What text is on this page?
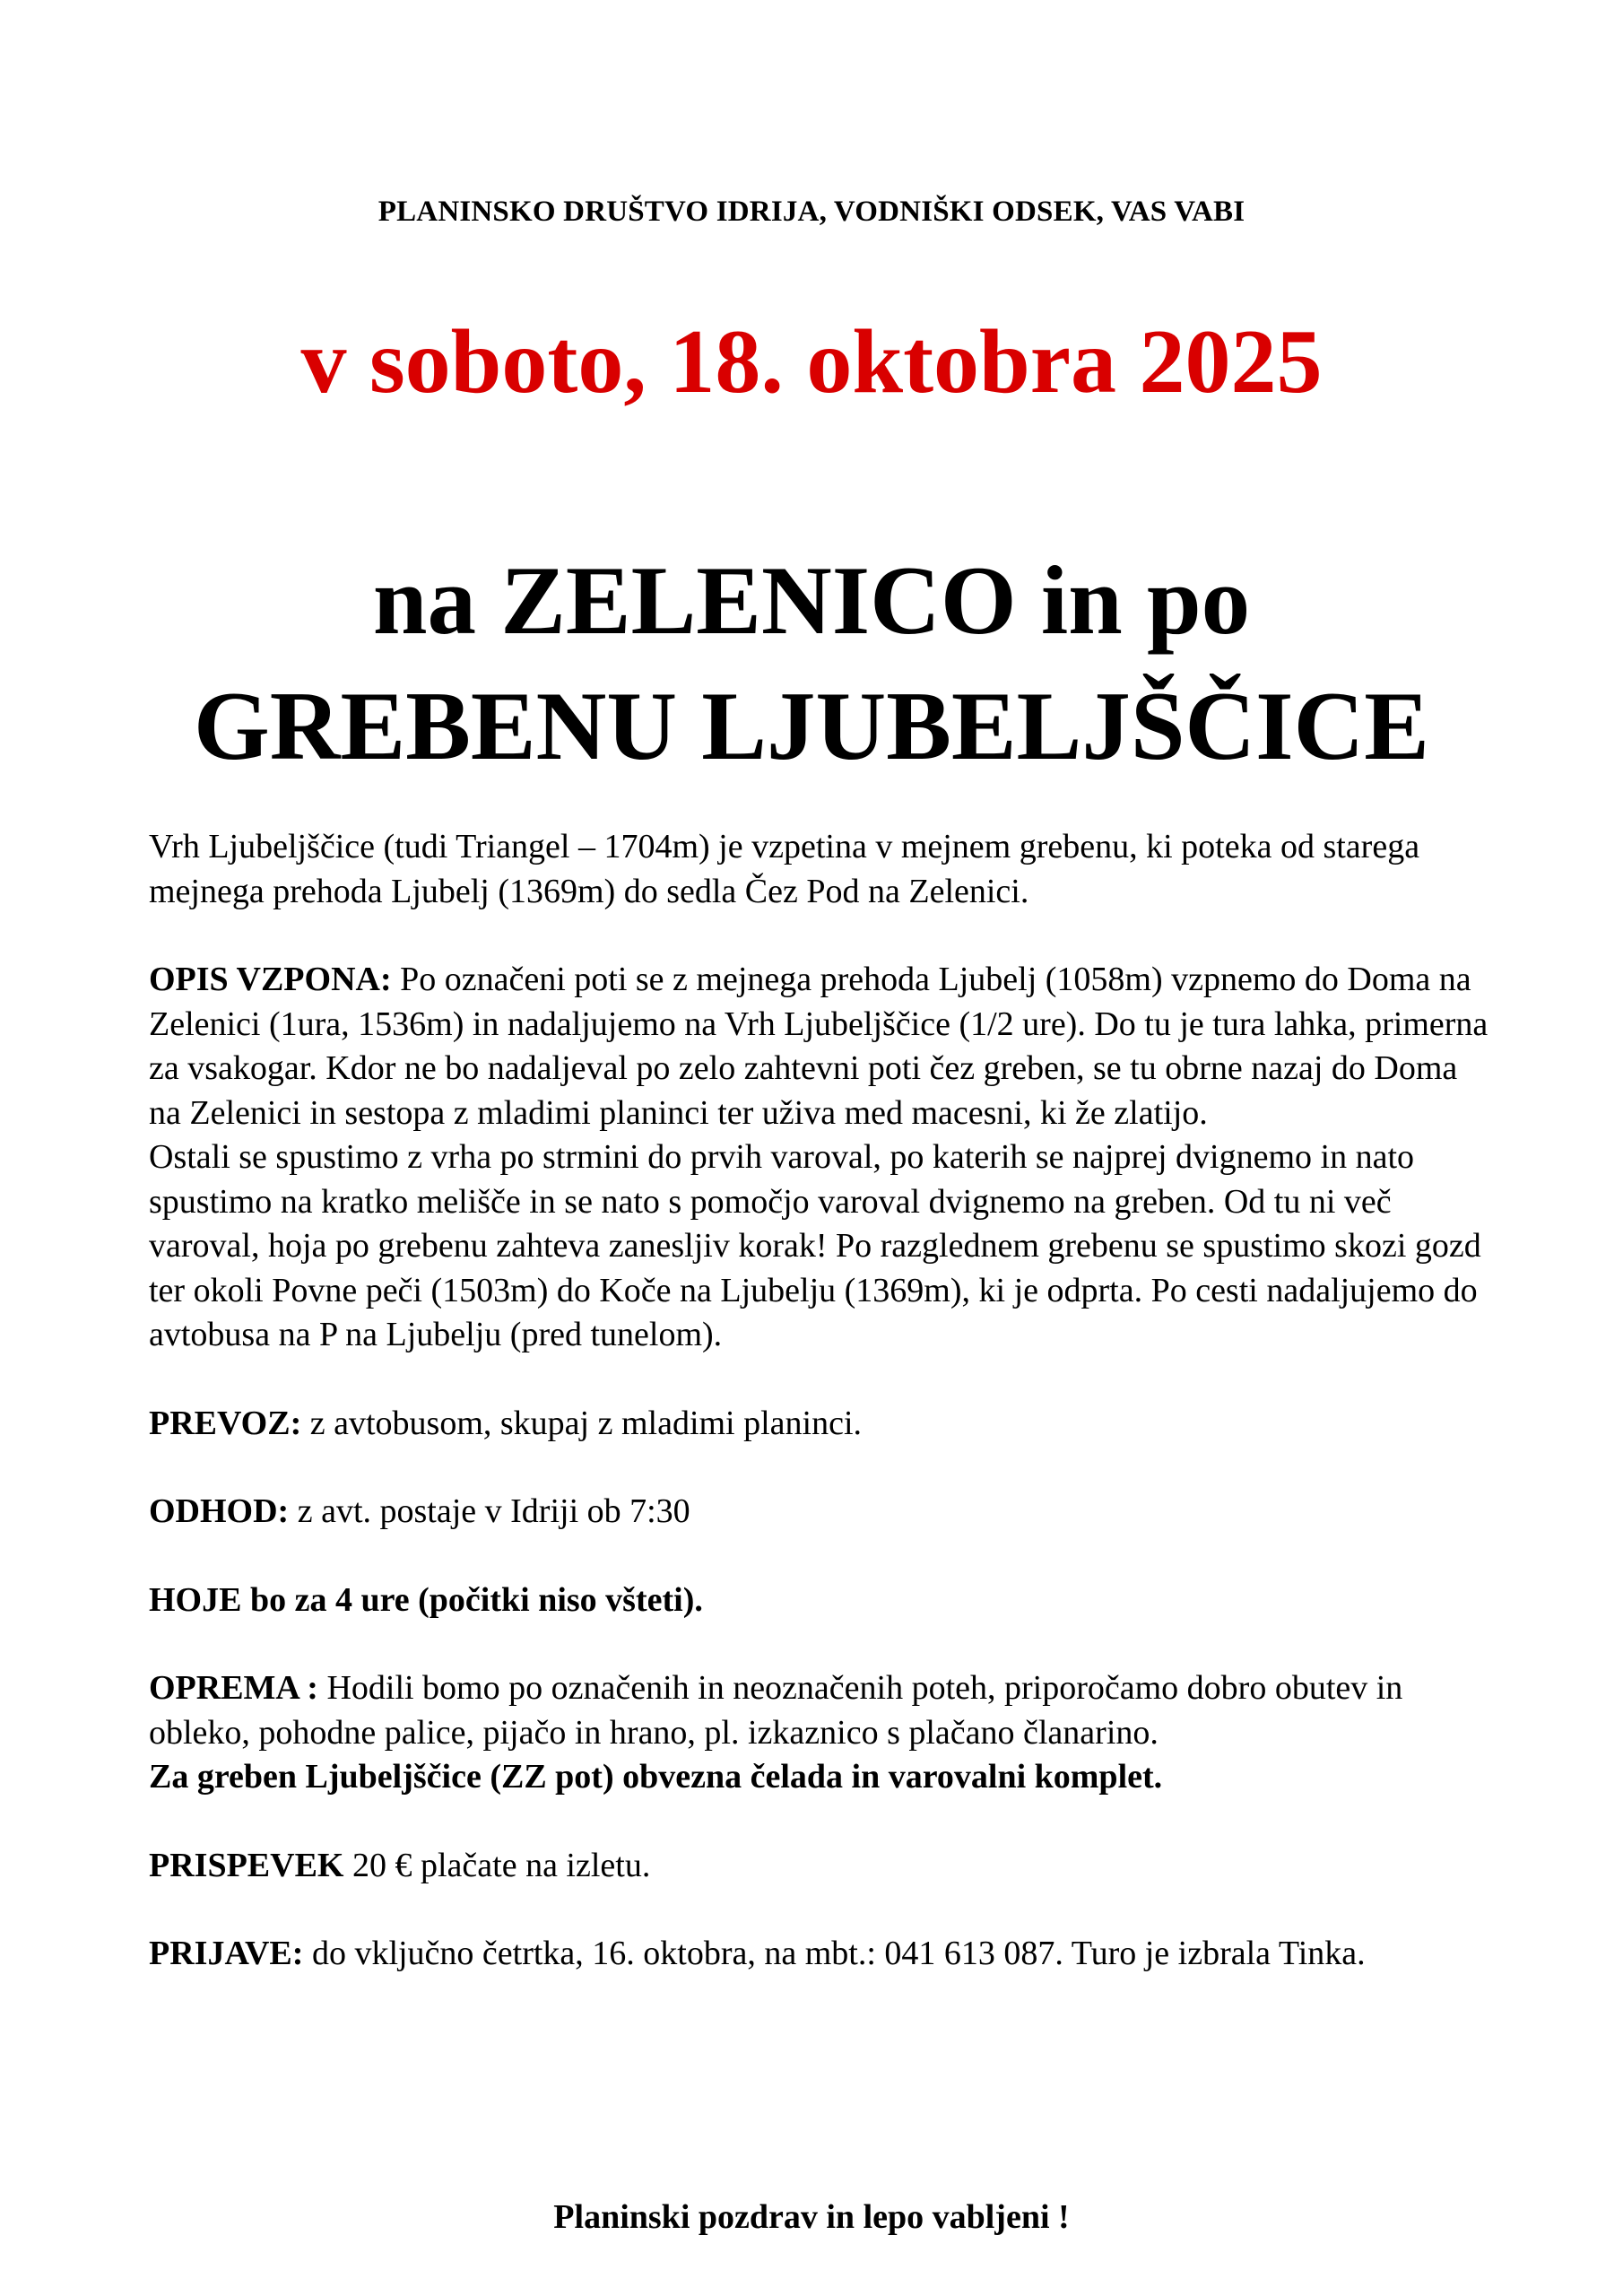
PLANINSKO DRUŠTVO IDRIJA, VODNIŠKI ODSEK, VAS VABI
v soboto, 18. oktobra 2025
na ZELENICO in po
GREBENU LJUBELJŠČICE

Vrh Ljubeljščice (tudi Triangel – 1704m) je vzpetina v mejnem grebenu, ki poteka od starega mejnega prehoda Ljubelj (1369m) do sedla Čez Pod na Zelenici.

OPIS VZPONA: Po označeni poti se z mejnega prehoda Ljubelj (1058m) vzpnemo do Doma na Zelenici (1ura, 1536m) in nadaljujemo na Vrh Ljubeljščice (1/2 ure). Do tu je tura lahka, primerna za vsakogar. Kdor ne bo nadaljeval po zelo zahtevni poti čez greben, se tu obrne nazaj do Doma na Zelenici in sestopa z mladimi planinci ter uživa med macesni, ki že zlatijo.

Ostali se spustimo z vrha po strmini do prvih varoval, po katerih se najprej dvignemo in nato spustimo na kratko melišče in se nato s pomočjo varoval dvignemo na greben. Od tu ni več varoval, hoja po grebenu zahteva zanesljiv korak! Po razglednem grebenu se spustimo skozi gozd ter okoli Povne peči (1503m) do Koče na Ljubelju (1369m), ki je odprta. Po cesti nadaljujemo do avtobusa na P na Ljubelju (pred tunelom).

PREVOZ: z avtobusom, skupaj z mladimi planinci.

ODHOD: z avt. postaje v Idriji ob 7:30

HOJE bo za 4 ure (počitki niso všteti).

OPREMA : Hodili bomo po označenih in neoznačenih poteh, priporočamo dobro obutev in obleko, pohodne palice, pijačo in hrano, pl. izkaznico s plačano članarino.
Za greben Ljubeljščice (ZZ pot) obvezna čelada in varovalni komplet.

PRISPEVEK 20 € plačate na izletu.

PRIJAVE: do vključno četrtka, 16. oktobra, na mbt.: 041 613 087. Turo je izbrala Tinka.

Planinski pozdrav in lepo vabljeni !
